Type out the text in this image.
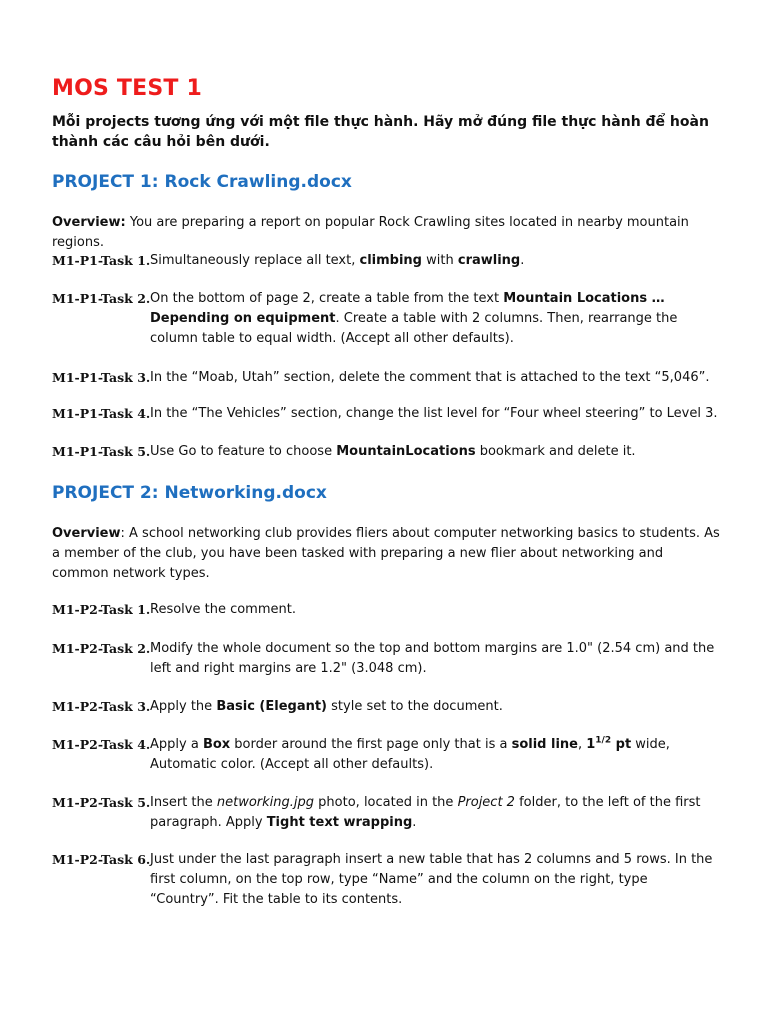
MOS TEST 1
Mỗi projects tương ứng với một file thực hành. Hãy mở đúng file thực hành để hoàn thành các câu hỏi bên dưới.
PROJECT 1: Rock Crawling.docx
Overview: You are preparing a report on popular Rock Crawling sites located in nearby mountain regions.
M1-P1-Task 1. Simultaneously replace all text, climbing with crawling.
M1-P1-Task 2. On the bottom of page 2, create a table from the text Mountain Locations … Depending on equipment. Create a table with 2 columns. Then, rearrange the column table to equal width. (Accept all other defaults).
M1-P1-Task 3. In the “Moab, Utah” section, delete the comment that is attached to the text “5,046”.
M1-P1-Task 4. In the “The Vehicles” section, change the list level for “Four wheel steering” to Level 3.
M1-P1-Task 5. Use Go to feature to choose MountainLocations bookmark and delete it.
PROJECT 2: Networking.docx
Overview: A school networking club provides fliers about computer networking basics to students. As a member of the club, you have been tasked with preparing a new flier about networking and common network types.
M1-P2-Task 1. Resolve the comment.
M1-P2-Task 2. Modify the whole document so the top and bottom margins are 1.0" (2.54 cm) and the left and right margins are 1.2" (3.048 cm).
M1-P2-Task 3. Apply the Basic (Elegant) style set to the document.
M1-P2-Task 4. Apply a Box border around the first page only that is a solid line, $1^{1/2}$ pt wide, Automatic color. (Accept all other defaults).
M1-P2-Task 5. Insert the networking.jpg photo, located in the Project 2 folder, to the left of the first paragraph. Apply Tight text wrapping.
M1-P2-Task 6. Just under the last paragraph insert a new table that has 2 columns and 5 rows. In the first column, on the top row, type “Name” and the column on the right, type “Country”. Fit the table to its contents.
